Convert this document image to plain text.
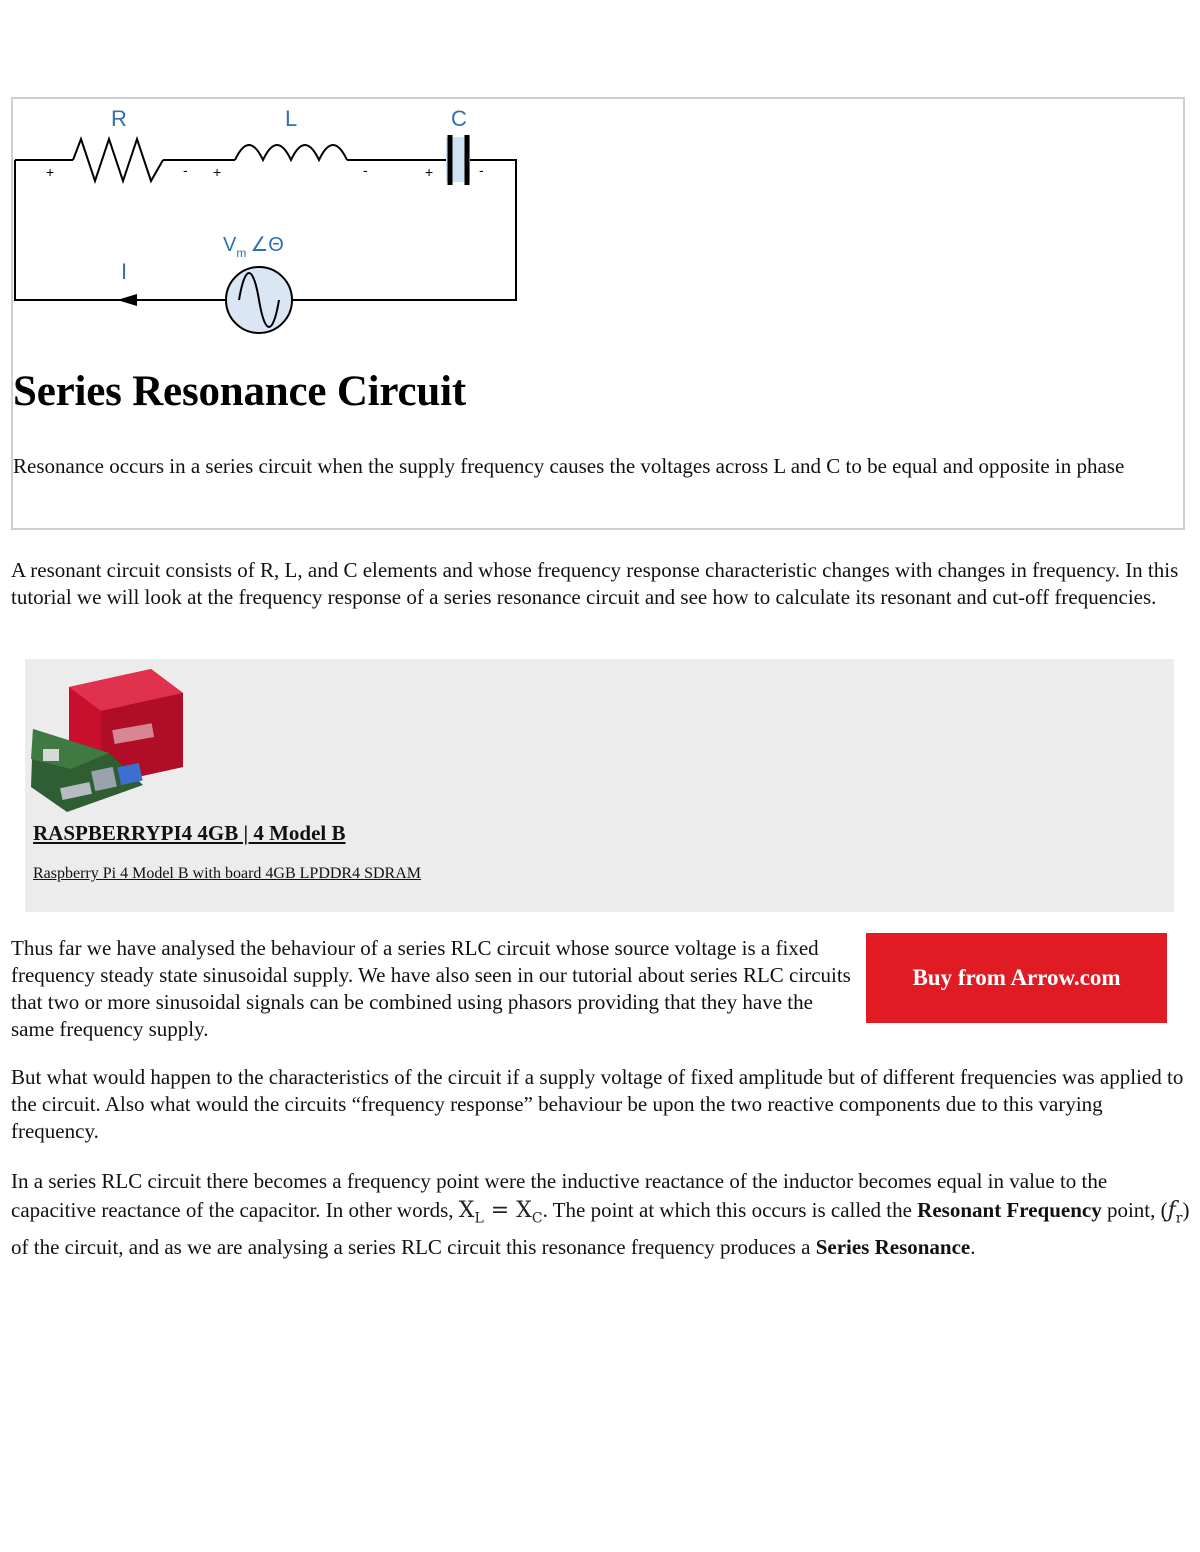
R	L	C
I
$V_m$ ∠Θ
+	- +	-	+	-
Series Resonance Circuit

Resonance occurs in a series circuit when the supply frequency causes the voltages across L and C to be equal and opposite in phase

A resonant circuit consists of R, L, and C elements and whose frequency response characteristic changes with changes in frequency. In this tutorial we will look at the frequency response of a series resonance circuit and see how to calculate its resonant and cut-off frequencies.

RASPBERRYPI4 4GB | 4 Model B
Raspberry Pi 4 Model B with board 4GB LPDDR4 SDRAM

Thus far we have analysed the behaviour of a series RLC circuit whose source voltage is a fixed frequency steady state sinusoidal supply. We have also seen in our tutorial about series RLC circuits that two or more sinusoidal signals can be combined using phasors providing that they have the same frequency supply.

Buy from Arrow.com

But what would happen to the characteristics of the circuit if a supply voltage of fixed amplitude but of different frequencies was applied to the circuit. Also what would the circuits “frequency response” behaviour be upon the two reactive components due to this varying frequency.

In a series RLC circuit there becomes a frequency point were the inductive reactance of the inductor becomes equal in value to the capacitive reactance of the capacitor. In other words, $X_L = X_C$. The point at which this occurs is called the Resonant Frequency point, $(ƒ_r)$ of the circuit, and as we are analysing a series RLC circuit this resonance frequency produces a Series Resonance.
